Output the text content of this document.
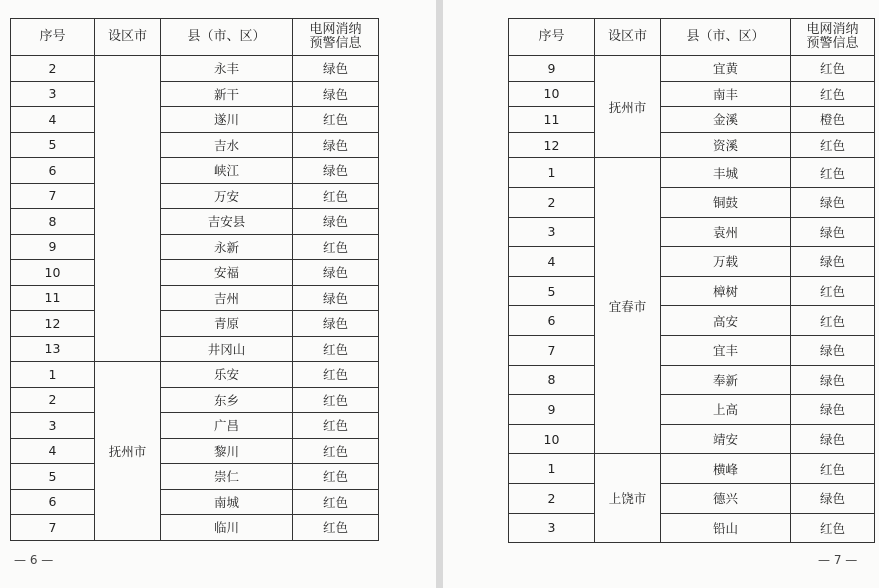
序号	设区市	县（市、区）	电网消纳预警信息
2		永丰	绿色
3		新干	绿色
4		遂川	红色
5		吉水	绿色
6		峡江	绿色
7		万安	红色
8		吉安县	绿色
9		永新	红色
10		安福	绿色
11		吉州	绿色
12		青原	绿色
13		井冈山	红色
1	抚州市	乐安	红色
2		东乡	红色
3		广昌	红色
4		黎川	红色
5		崇仁	红色
6		南城	红色
7		临川	红色
— 6 —
序号	设区市	县（市、区）	电网消纳预警信息
9	抚州市	宜黄	红色
10		南丰	红色
11		金溪	橙色
12		资溪	红色
1	宜春市	丰城	红色
2		铜鼓	绿色
3		袁州	绿色
4		万载	绿色
5		樟树	红色
6		高安	红色
7		宜丰	绿色
8		奉新	绿色
9		上高	绿色
10		靖安	绿色
1	上饶市	横峰	红色
2		德兴	绿色
3		铅山	红色
— 7 —
